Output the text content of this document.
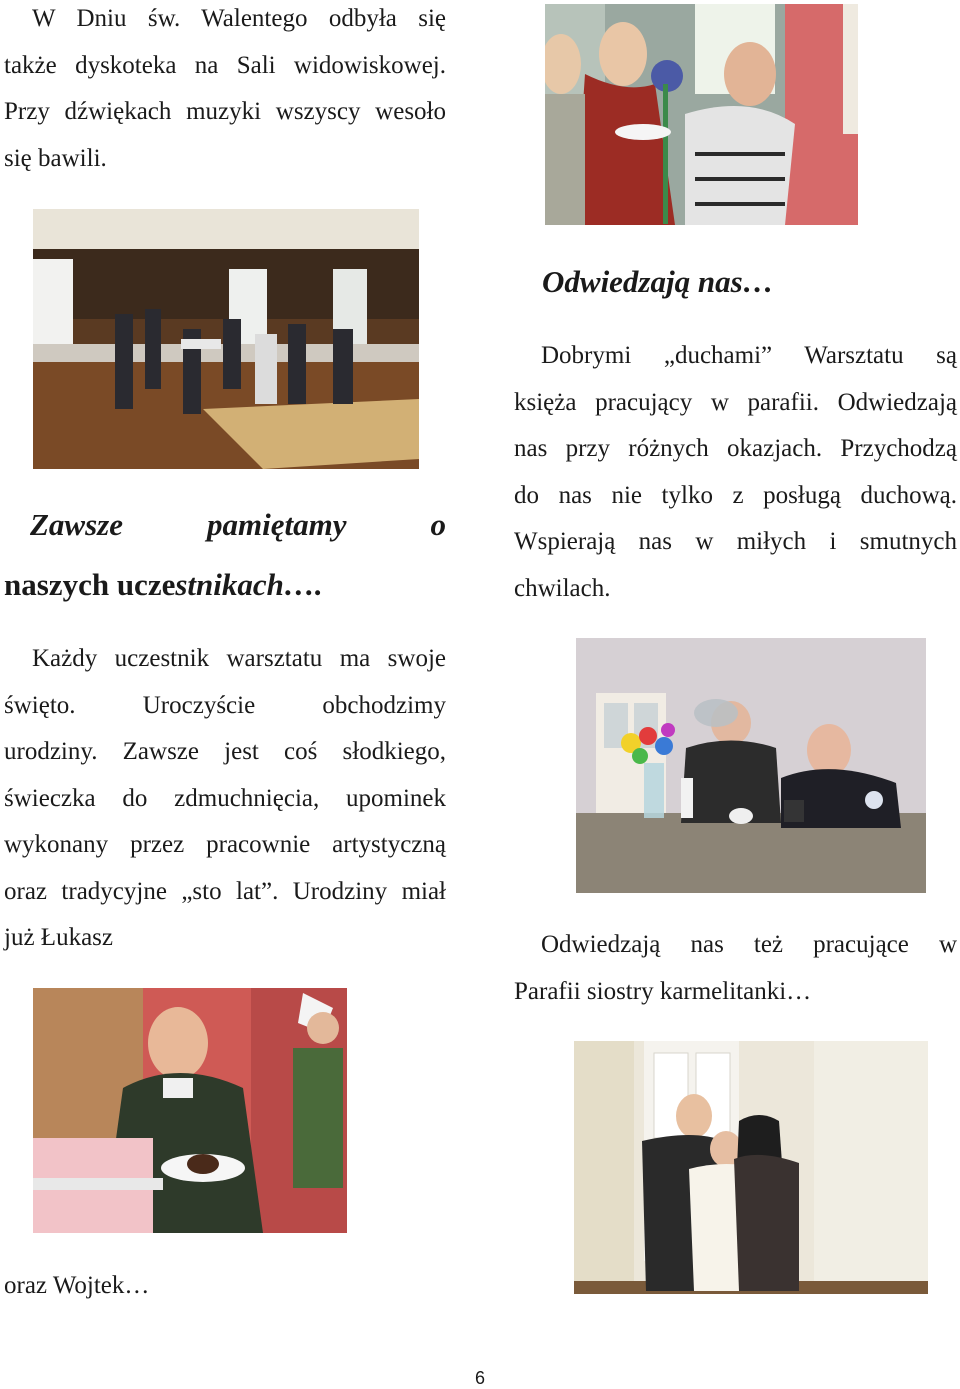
W Dniu św. Walentego odbyła się

także dyskoteka na Sali widowiskowej.

Przy dźwiękach muzyki wszyscy wesoło

się bawili.

Zawsze	pamiętamy	o
naszych uczestnikach….

Każdy uczestnik warsztatu ma swoje

święto. Uroczyście obchodzimy

urodziny. Zawsze jest coś słodkiego,

świeczka do zdmuchnięcia, upominek

wykonany przez pracownie artystyczną

oraz tradycyjne „sto lat”. Urodziny miał

już Łukasz

oraz Wojtek…
Odwiedzają nas…

Dobrymi „duchami” Warsztatu są

księża pracujący w parafii. Odwiedzają

nas przy różnych okazjach. Przychodzą

do nas nie tylko z posługą duchową.

Wspierają nas w miłych i smutnych

chwilach.

Odwiedzają nas też pracujące w

Parafii siostry karmelitanki…

6
